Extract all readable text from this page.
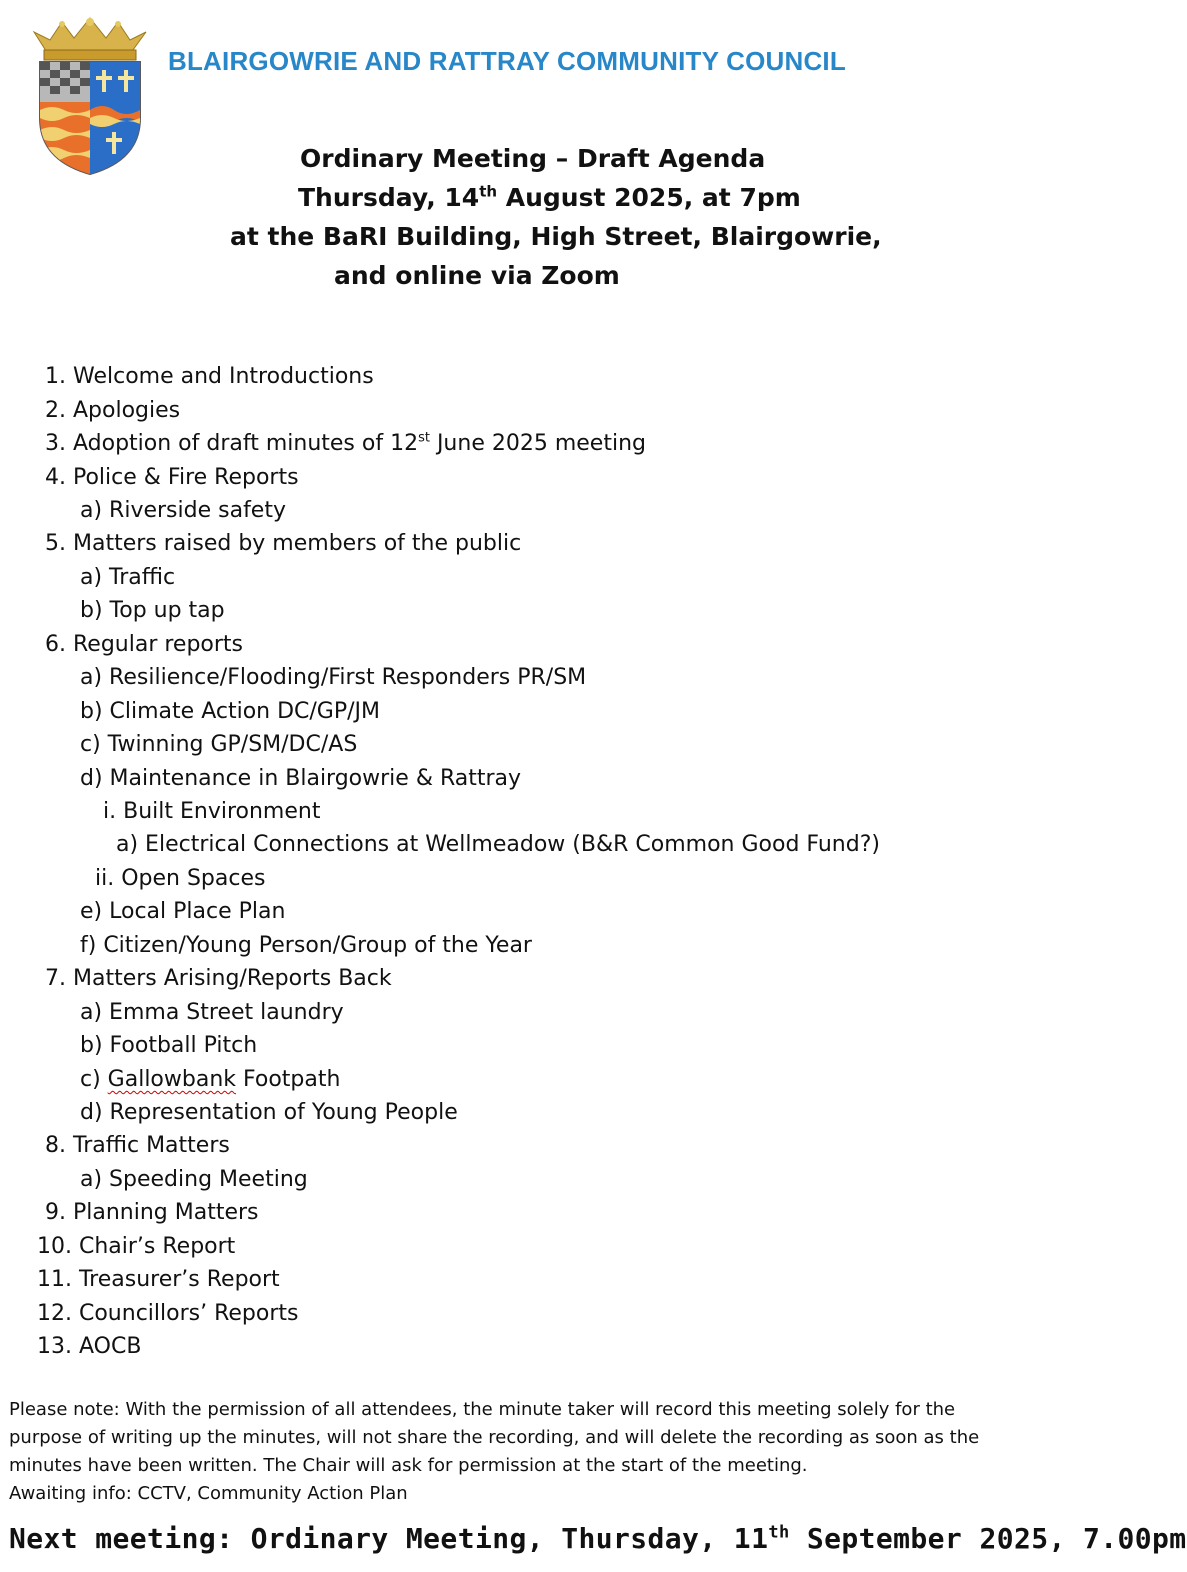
BLAIRGOWRIE AND RATTRAY COMMUNITY COUNCIL
Ordinary Meeting – Draft Agenda
Thursday, 14th August 2025, at 7pm
at the BaRI Building, High Street, Blairgowrie,
and online via Zoom
1. Welcome and Introductions
2. Apologies
3. Adoption of draft minutes of 12st June 2025 meeting
4. Police & Fire Reports
a) Riverside safety
5. Matters raised by members of the public
a) Traffic
b) Top up tap
6. Regular reports
a) Resilience/Flooding/First Responders PR/SM
b) Climate Action DC/GP/JM
c) Twinning GP/SM/DC/AS
d) Maintenance in Blairgowrie & Rattray
i. Built Environment
a) Electrical Connections at Wellmeadow (B&R Common Good Fund?)
ii. Open Spaces
e) Local Place Plan
f) Citizen/Young Person/Group of the Year
7. Matters Arising/Reports Back
a) Emma Street laundry
b) Football Pitch
c) Gallowbank Footpath
d) Representation of Young People
8. Traffic Matters
a) Speeding Meeting
9. Planning Matters
10. Chair’s Report
11. Treasurer’s Report
12. Councillors’ Reports
13. AOCB
Please note: With the permission of all attendees, the minute taker will record this meeting solely for the
purpose of writing up the minutes, will not share the recording, and will delete the recording as soon as the
minutes have been written. The Chair will ask for permission at the start of the meeting.
Awaiting info: CCTV, Community Action Plan
Next meeting: Ordinary Meeting, Thursday, 11th September 2025, 7.00pm
